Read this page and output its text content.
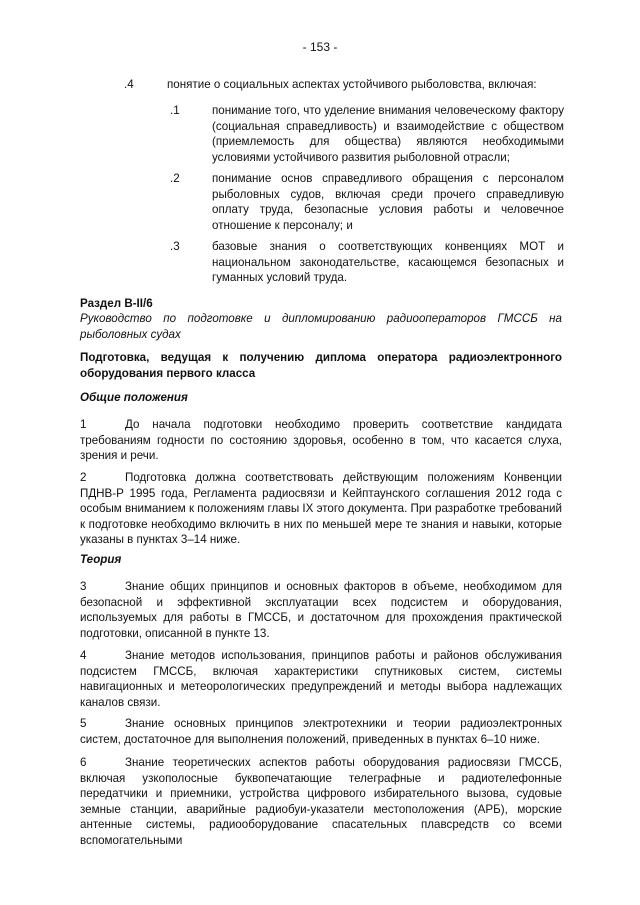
- 153 -
.4	понятие о социальных аспектах устойчивого рыболовства, включая:
.1	понимание того, что уделение внимания человеческому фактору (социальная справедливость) и взаимодействие с обществом (приемлемость для общества) являются необходимыми условиями устойчивого развития рыболовной отрасли;
.2	понимание основ справедливого обращения с персоналом рыболовных судов, включая среди прочего справедливую оплату труда, безопасные условия работы и человечное отношение к персоналу; и
.3	базовые знания о соответствующих конвенциях МОТ и национальном законодательстве, касающемся безопасных и гуманных условий труда.
Раздел B-II/6
Руководство по подготовке и дипломированию радиооператоров ГМССБ на рыболовных судах
Подготовка, ведущая к получению диплома оператора радиоэлектронного оборудования первого класса
Общие положения
1	До начала подготовки необходимо проверить соответствие кандидата требованиям годности по состоянию здоровья, особенно в том, что касается слуха, зрения и речи.
2	Подготовка должна соответствовать действующим положениям Конвенции ПДНВ-Р 1995 года, Регламента радиосвязи и Кейптаунского соглашения 2012 года с особым вниманием к положениям главы IX этого документа. При разработке требований к подготовке необходимо включить в них по меньшей мере те знания и навыки, которые указаны в пунктах 3–14 ниже.
Теория
3	Знание общих принципов и основных факторов в объеме, необходимом для безопасной и эффективной эксплуатации всех подсистем и оборудования, используемых для работы в ГМССБ, и достаточном для прохождения практической подготовки, описанной в пункте 13.
4	Знание методов использования, принципов работы и районов обслуживания подсистем ГМССБ, включая характеристики спутниковых систем, системы навигационных и метеорологических предупреждений и методы выбора надлежащих каналов связи.
5	Знание основных принципов электротехники и теории радиоэлектронных систем, достаточное для выполнения положений, приведенных в пунктах 6–10 ниже.
6	Знание теоретических аспектов работы оборудования радиосвязи ГМССБ, включая узкополосные буквопечатающие телеграфные и радиотелефонные передатчики и приемники, устройства цифрового избирательного вызова, судовые земные станции, аварийные радиобуи-указатели местоположения (АРБ), морские антенные системы, радиооборудование спасательных плавсредств со всеми вспомогательными
